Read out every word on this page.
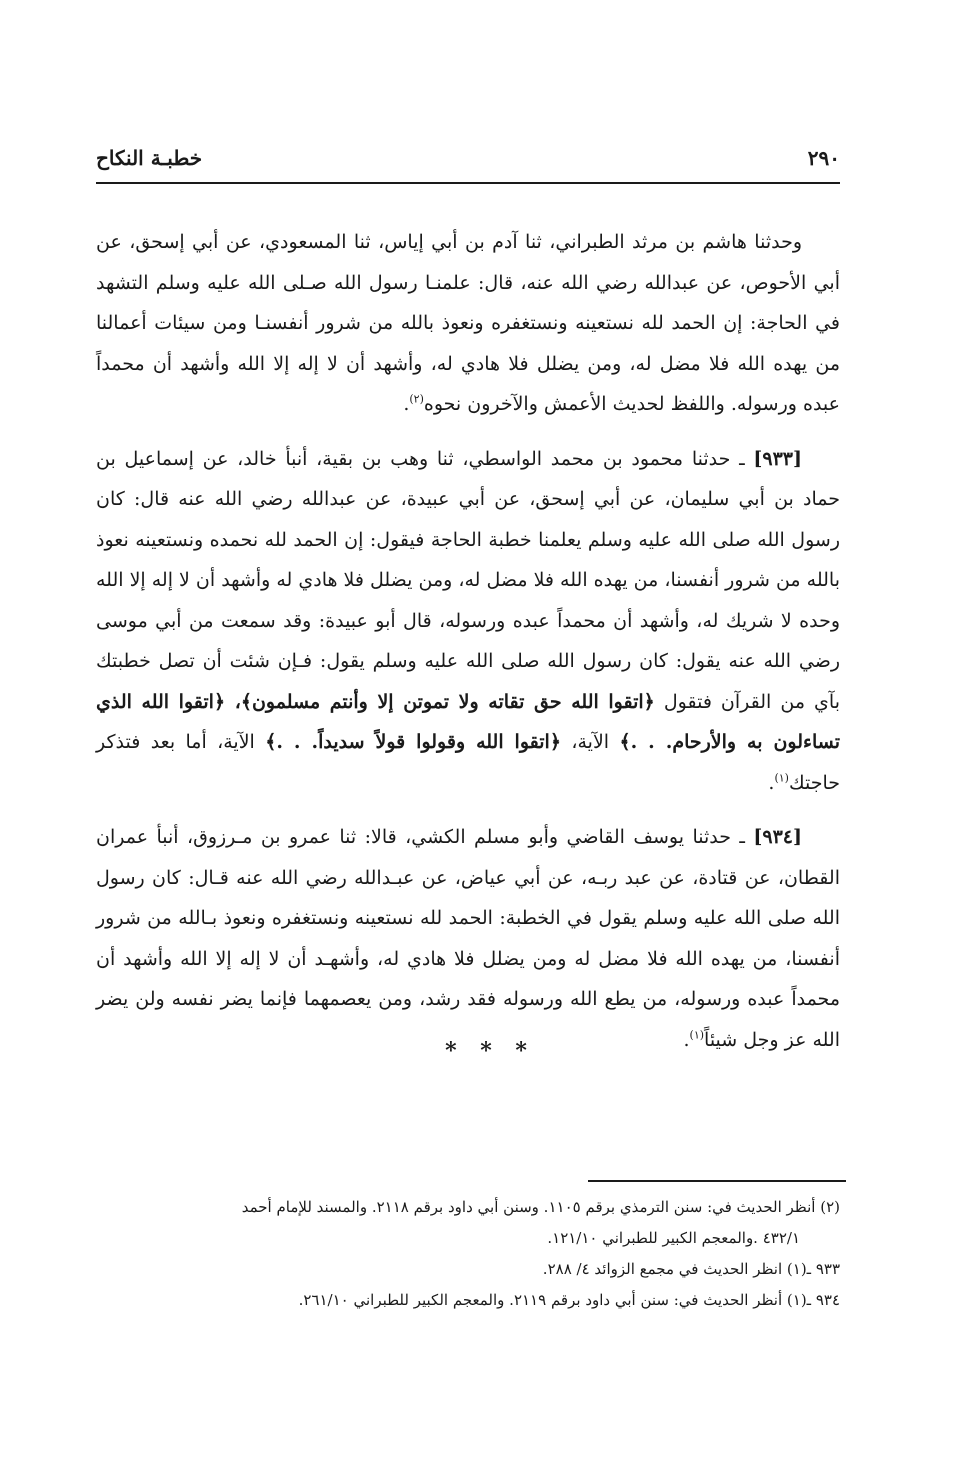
٢٩٠
خطبـة النكاح

وحدثنا هاشم بن مرثد الطبراني، ثنا آدم بن أبي إياس، ثنا المسعودي، عن أبي إسحق، عن أبي الأحوص، عن عبدالله رضي الله عنه، قال: علمنـا رسول الله صـلى الله عليه وسلم التشهد في الحاجة: إن الحمد لله نستعينه ونستغفره ونعوذ بالله من شرور أنفسنـا ومن سيئات أعمالنا من يهده الله فلا مضل له، ومن يضلل فلا هادي له، وأشهد أن لا إله إلا الله وأشهد أن محمداً عبده ورسوله. واللفظ لحديث الأعمش والآخرون نحوه$^{(٢)}$.

[٩٣٣] ـ حدثنا محمود بن محمد الواسطي، ثنا وهب بن بقية، أنبأ خالد، عن إسماعيل بن حماد بن أبي سليمان، عن أبي إسحق، عن أبي عبيدة، عن عبدالله رضي الله عنه قال: كان رسول الله صلى الله عليه وسلم يعلمنا خطبة الحاجة فيقول: إن الحمد لله نحمده ونستعينه نعوذ بالله من شرور أنفسنا، من يهده الله فلا مضل له، ومن يضلل فلا هادي له وأشهد أن لا إله إلا الله وحده لا شريك له، وأشهد أن محمداً عبده ورسوله، قال أبو عبيدة: وقد سمعت من أبي موسى رضي الله عنه يقول: كان رسول الله صلى الله عليه وسلم يقول: فـإن شئت أن تصل خطبتك بآي من القرآن فتقول ﴿اتقوا الله حق تقاته ولا تموتن إلا وأنتم مسلمون﴾، ﴿اتقوا الله الذي تساءلون به والأرحام. . .﴾ الآية، ﴿اتقوا الله وقولوا قولاً سديداً. . .﴾ الآية، أما بعد فتذكر حاجتك$^{(١)}$.

[٩٣٤] ـ حدثنا يوسف القاضي وأبو مسلم الكشي، قالا: ثنا عمرو بن مـرزوق، أنبأ عمران القطان، عن قتادة، عن عبد ربـه، عن أبي عياض، عن عبـدالله رضي الله عنه قـال: كان رسول الله صلى الله عليه وسلم يقول في الخطبة: الحمد لله نستعينه ونستغفره ونعوذ بـالله من شرور أنفسنا، من يهده الله فلا مضل له ومن يضلل فلا هادي له، وأشهـد أن لا إله إلا الله وأشهد أن محمداً عبده ورسوله، من يطع الله ورسوله فقد رشد، ومن يعصمهما فإنما يضر نفسه ولن يضر الله عز وجل شيئاً$^{(١)}$.

* * *

(٢) أنظر الحديث في: سنن الترمذي برقم ١١٠٥. وسنن أبي داود برقم ٢١١٨. والمسند للإمام أحمد

٤٣٢/١ .والمعجم الكبير للطبراني ١٢١/١٠.

٩٣٣ ـ(١) انظر الحديث في مجمع الزوائد ٤/ ٢٨٨.

٩٣٤ ـ(١) أنظر الحديث في: سنن أبي داود برقم ٢١١٩. والمعجم الكبير للطبراني ٢٦١/١٠.
